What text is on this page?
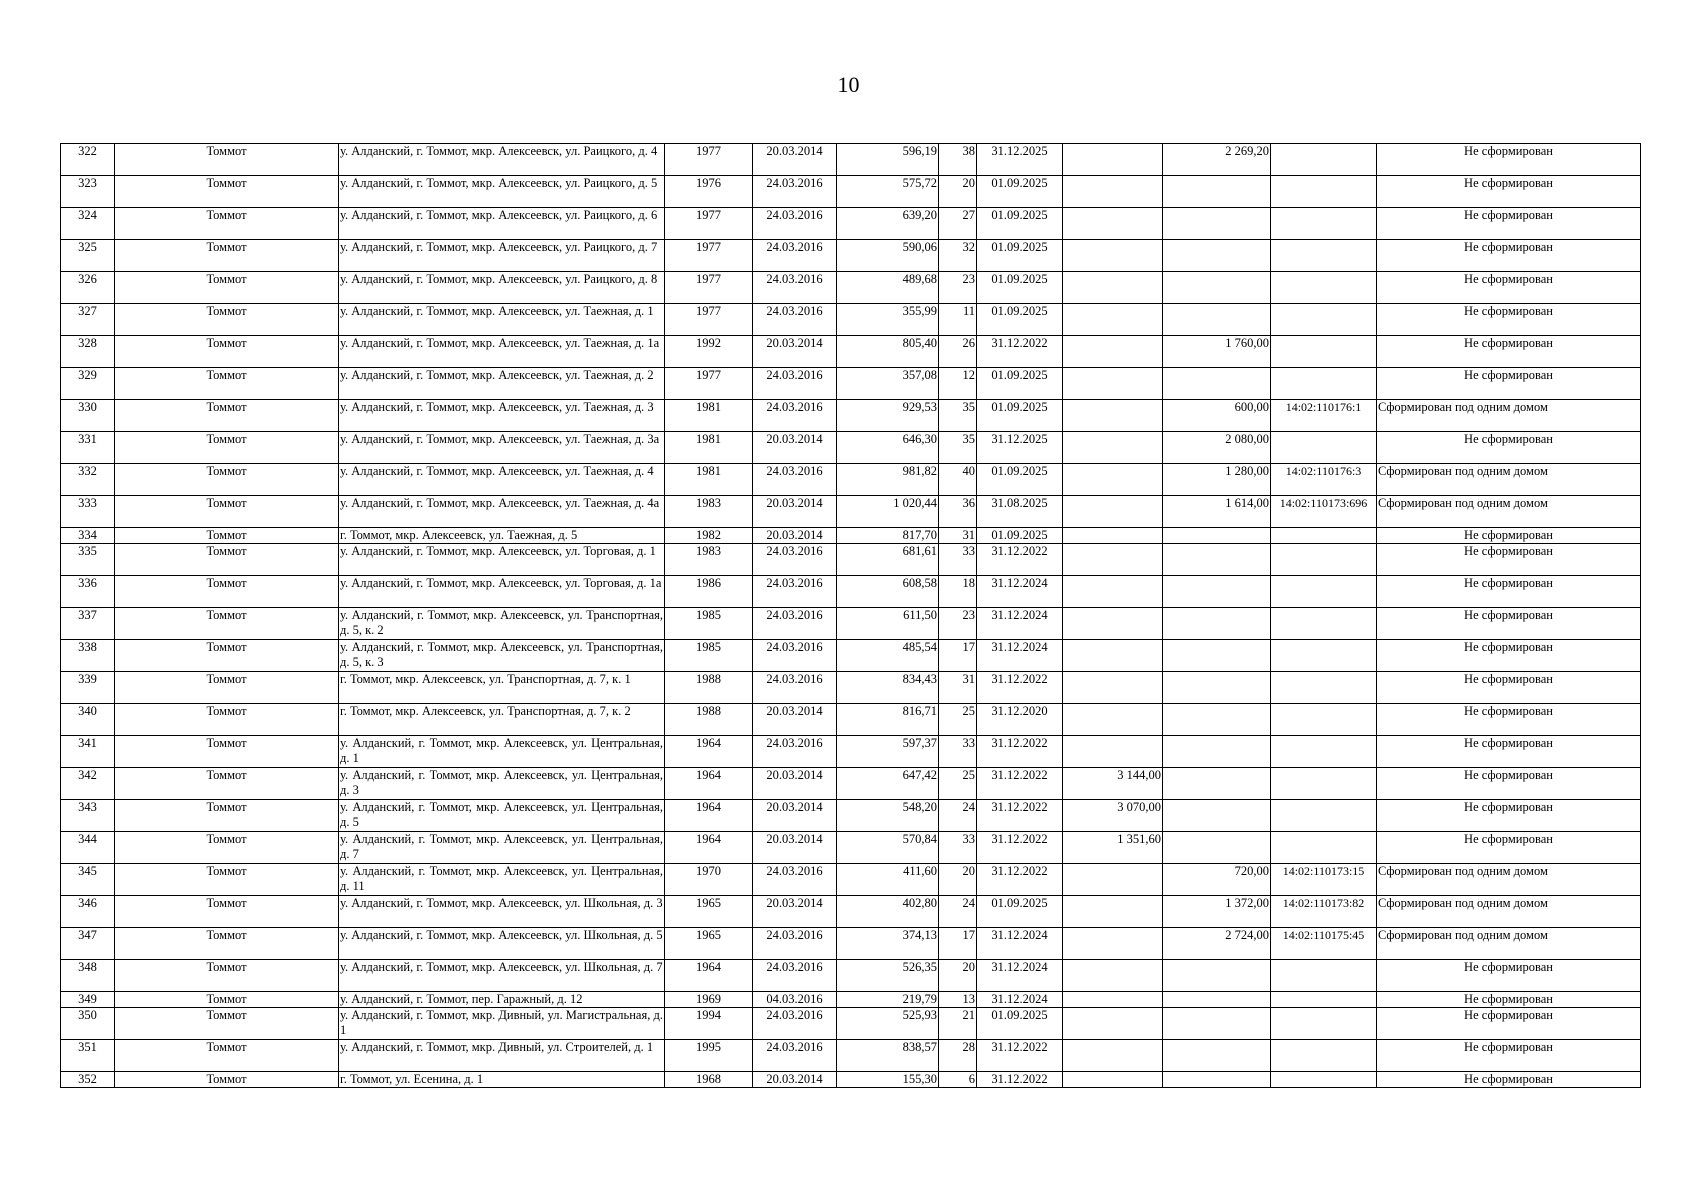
10
322	Томмот	у. Алданский, г. Томмот, мкр. Алексеевск, ул. Раицкого, д. 4	1977	20.03.2014	596,19	38	31.12.2025		2 269,20		Не сформирован
323	Томмот	у. Алданский, г. Томмот, мкр. Алексеевск, ул. Раицкого, д. 5	1976	24.03.2016	575,72	20	01.09.2025				Не сформирован
324	Томмот	у. Алданский, г. Томмот, мкр. Алексеевск, ул. Раицкого, д. 6	1977	24.03.2016	639,20	27	01.09.2025				Не сформирован
325	Томмот	у. Алданский, г. Томмот, мкр. Алексеевск, ул. Раицкого, д. 7	1977	24.03.2016	590,06	32	01.09.2025				Не сформирован
326	Томмот	у. Алданский, г. Томмот, мкр. Алексеевск, ул. Раицкого, д. 8	1977	24.03.2016	489,68	23	01.09.2025				Не сформирован
327	Томмот	у. Алданский, г. Томмот, мкр. Алексеевск, ул. Таежная, д. 1	1977	24.03.2016	355,99	11	01.09.2025				Не сформирован
328	Томмот	у. Алданский, г. Томмот, мкр. Алексеевск, ул. Таежная, д. 1а	1992	20.03.2014	805,40	26	31.12.2022		1 760,00		Не сформирован
329	Томмот	у. Алданский, г. Томмот, мкр. Алексеевск, ул. Таежная, д. 2	1977	24.03.2016	357,08	12	01.09.2025				Не сформирован
330	Томмот	у. Алданский, г. Томмот, мкр. Алексеевск, ул. Таежная, д. 3	1981	24.03.2016	929,53	35	01.09.2025		600,00	14:02:110176:1	Сформирован под одним домом
331	Томмот	у. Алданский, г. Томмот, мкр. Алексеевск, ул. Таежная, д. 3а	1981	20.03.2014	646,30	35	31.12.2025		2 080,00		Не сформирован
332	Томмот	у. Алданский, г. Томмот, мкр. Алексеевск, ул. Таежная, д. 4	1981	24.03.2016	981,82	40	01.09.2025		1 280,00	14:02:110176:3	Сформирован под одним домом
333	Томмот	у. Алданский, г. Томмот, мкр. Алексеевск, ул. Таежная, д. 4а	1983	20.03.2014	1 020,44	36	31.08.2025		1 614,00	14:02:110173:696	Сформирован под одним домом
334	Томмот	г. Томмот, мкр. Алексеевск, ул. Таежная, д. 5	1982	20.03.2014	817,70	31	01.09.2025				Не сформирован
335	Томмот	у. Алданский, г. Томмот, мкр. Алексеевск, ул. Торговая, д. 1	1983	24.03.2016	681,61	33	31.12.2022				Не сформирован
336	Томмот	у. Алданский, г. Томмот, мкр. Алексеевск, ул. Торговая, д. 1а	1986	24.03.2016	608,58	18	31.12.2024				Не сформирован
337	Томмот	у. Алданский, г. Томмот, мкр. Алексеевск, ул. Транспортная, д. 5, к. 2	1985	24.03.2016	611,50	23	31.12.2024				Не сформирован
338	Томмот	у. Алданский, г. Томмот, мкр. Алексеевск, ул. Транспортная, д. 5, к. 3	1985	24.03.2016	485,54	17	31.12.2024				Не сформирован
339	Томмот	г. Томмот, мкр. Алексеевск, ул. Транспортная, д. 7, к. 1	1988	24.03.2016	834,43	31	31.12.2022				Не сформирован
340	Томмот	г. Томмот, мкр. Алексеевск, ул. Транспортная, д. 7, к. 2	1988	20.03.2014	816,71	25	31.12.2020				Не сформирован
341	Томмот	у. Алданский, г. Томмот, мкр. Алексеевск, ул. Центральная, д. 1	1964	24.03.2016	597,37	33	31.12.2022				Не сформирован
342	Томмот	у. Алданский, г. Томмот, мкр. Алексеевск, ул. Центральная, д. 3	1964	20.03.2014	647,42	25	31.12.2022	3 144,00			Не сформирован
343	Томмот	у. Алданский, г. Томмот, мкр. Алексеевск, ул. Центральная, д. 5	1964	20.03.2014	548,20	24	31.12.2022	3 070,00			Не сформирован
344	Томмот	у. Алданский, г. Томмот, мкр. Алексеевск, ул. Центральная, д. 7	1964	20.03.2014	570,84	33	31.12.2022	1 351,60			Не сформирован
345	Томмот	у. Алданский, г. Томмот, мкр. Алексеевск, ул. Центральная, д. 11	1970	24.03.2016	411,60	20	31.12.2022		720,00	14:02:110173:15	Сформирован под одним домом
346	Томмот	у. Алданский, г. Томмот, мкр. Алексеевск, ул. Школьная, д. 3	1965	20.03.2014	402,80	24	01.09.2025		1 372,00	14:02:110173:82	Сформирован под одним домом
347	Томмот	у. Алданский, г. Томмот, мкр. Алексеевск, ул. Школьная, д. 5	1965	24.03.2016	374,13	17	31.12.2024		2 724,00	14:02:110175:45	Сформирован под одним домом
348	Томмот	у. Алданский, г. Томмот, мкр. Алексеевск, ул. Школьная, д. 7	1964	24.03.2016	526,35	20	31.12.2024				Не сформирован
349	Томмот	у. Алданский, г. Томмот, пер. Гаражный, д. 12	1969	04.03.2016	219,79	13	31.12.2024				Не сформирован
350	Томмот	у. Алданский, г. Томмот, мкр. Дивный, ул. Магистральная, д. 1	1994	24.03.2016	525,93	21	01.09.2025				Не сформирован
351	Томмот	у. Алданский, г. Томмот, мкр. Дивный, ул. Строителей, д. 1	1995	24.03.2016	838,57	28	31.12.2022				Не сформирован
352	Томмот	г. Томмот, ул. Есенина, д. 1	1968	20.03.2014	155,30	6	31.12.2022				Не сформирован
